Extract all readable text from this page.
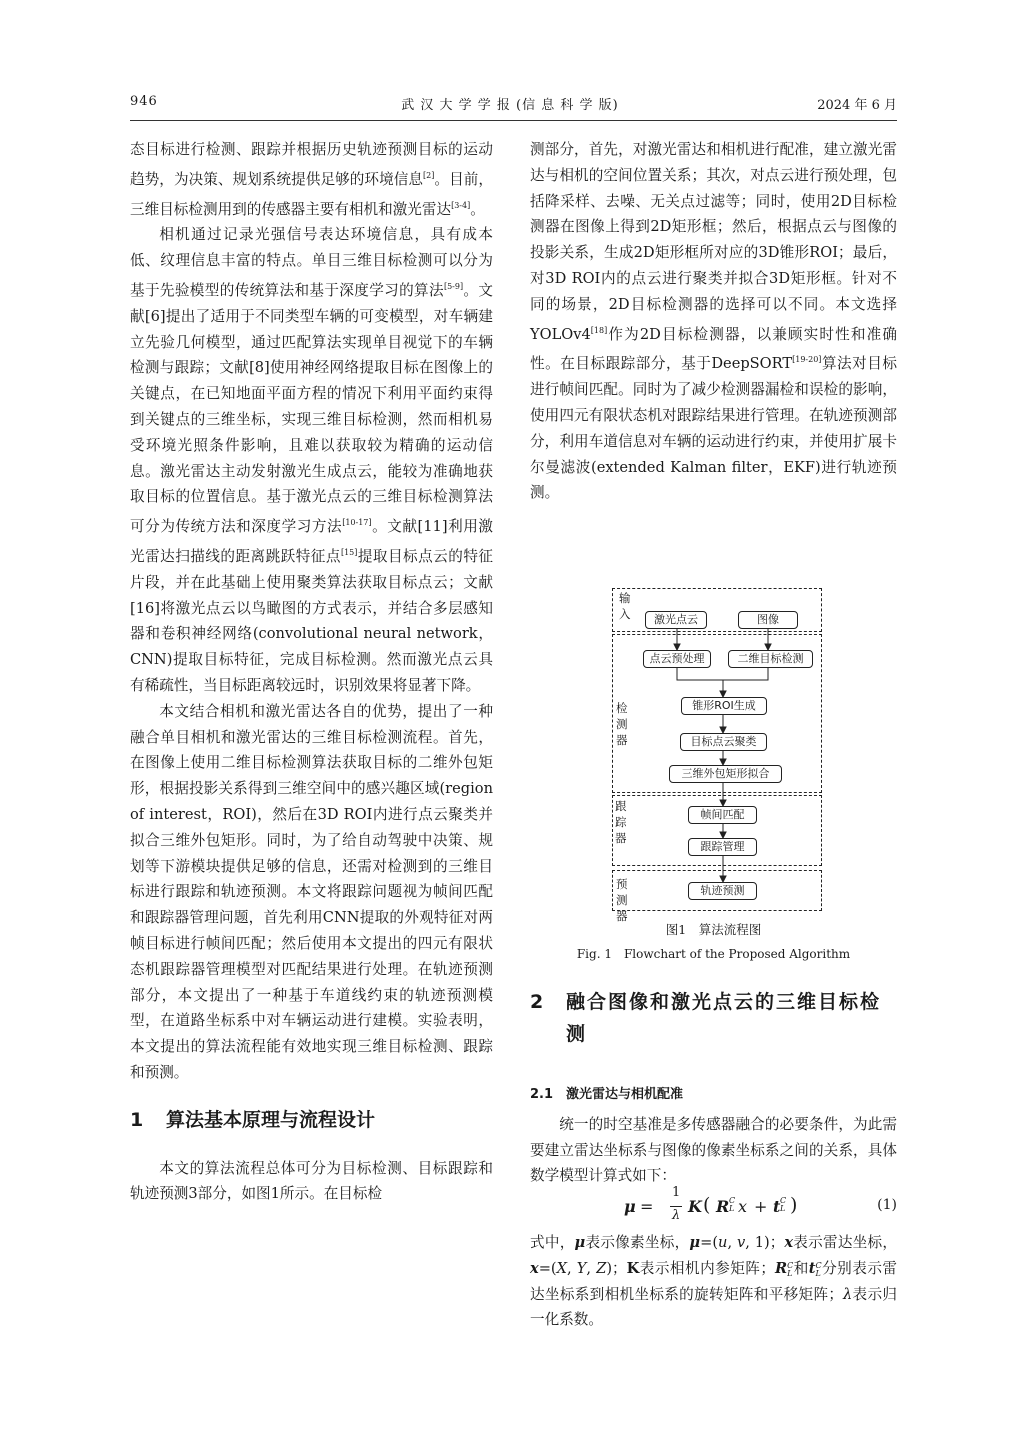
946	武 汉 大 学 学 报 (信 息 科 学 版)	2024 年 6 月

态目标进行检测、跟踪并根据历史轨迹预测目标的运动趋势，为决策、规划系统提供足够的环境信息[2]。目前，三维目标检测用到的传感器主要有相机和激光雷达[3-4]。

相机通过记录光强信号表达环境信息，具有成本低、纹理信息丰富的特点。单目三维目标检测可以分为基于先验模型的传统算法和基于深度学习的算法[5-9]。文献[6]提出了适用于不同类型车辆的可变模型，对车辆建立先验几何模型，通过匹配算法实现单目视觉下的车辆检测与跟踪；文献[8]使用神经网络提取目标在图像上的关键点，在已知地面平面方程的情况下利用平面约束得到关键点的三维坐标，实现三维目标检测，然而相机易受环境光照条件影响，且难以获取较为精确的运动信息。激光雷达主动发射激光生成点云，能较为准确地获取目标的位置信息。基于激光点云的三维目标检测算法可分为传统方法和深度学习方法[10-17]。文献[11]利用激光雷达扫描线的距离跳跃特征点[15]提取目标点云的特征片段，并在此基础上使用聚类算法获取目标点云；文献[16]将激光点云以鸟瞰图的方式表示，并结合多层感知器和卷积神经网络(convolutional neural network，CNN)提取目标特征，完成目标检测。然而激光点云具有稀疏性，当目标距离较远时，识别效果将显著下降。

本文结合相机和激光雷达各自的优势，提出了一种融合单目相机和激光雷达的三维目标检测流程。首先，在图像上使用二维目标检测算法获取目标的二维外包矩形，根据投影关系得到三维空间中的感兴趣区域(region of interest，ROI)，然后在3D ROI内进行点云聚类并拟合三维外包矩形。同时，为了给自动驾驶中决策、规划等下游模块提供足够的信息，还需对检测到的三维目标进行跟踪和轨迹预测。本文将跟踪问题视为帧间匹配和跟踪器管理问题，首先利用CNN提取的外观特征对两帧目标进行帧间匹配；然后使用本文提出的四元有限状态机跟踪器管理模型对匹配结果进行处理。在轨迹预测部分，本文提出了一种基于车道线约束的轨迹预测模型，在道路坐标系中对车辆运动进行建模。实验表明，本文提出的算法流程能有效地实现三维目标检测、跟踪和预测。

1 算法基本原理与流程设计

本文的算法流程总体可分为目标检测、目标跟踪和轨迹预测3部分，如图1所示。在目标检

测部分，首先，对激光雷达和相机进行配准，建立激光雷达与相机的空间位置关系；其次，对点云进行预处理，包括降采样、去噪、无关点过滤等；同时，使用2D目标检测器在图像上得到2D矩形框；然后，根据点云与图像的投影关系，生成2D矩形框所对应的3D锥形ROI；最后，对3D ROI内的点云进行聚类并拟合3D矩形框。针对不同的场景，2D目标检测器的选择可以不同。本文选择YOLOv4[18]作为2D目标检测器，以兼顾实时性和准确性。在目标跟踪部分，基于DeepSORT[19-20]算法对目标进行帧间匹配。同时为了减少检测器漏检和误检的影响，使用四元有限状态机对跟踪结果进行管理。在轨迹预测部分，利用车道信息对车辆的运动进行约束，并使用扩展卡尔曼滤波(extended Kalman filter，EKF)进行轨迹预测。

输入
检测器
跟踪器
预测器
激光点云	图像
点云预处理	二维目标检测
锥形ROI生成
目标点云聚类
三维外包矩形拟合
帧间匹配
跟踪管理
轨迹预测
图1　算法流程图
Fig. 1　Flowchart of the Proposed Algorithm
2	融合图像和激光点云的三维目标检测
2.1 激光雷达与相机配准

统一的时空基准是多传感器融合的必要条件，为此需要建立雷达坐标系与图像的像素坐标系之间的关系，具体数学模型计算式如下：

μ =
1
λ K ( R C
L x + t C
L )	(1)

式中，μ表示像素坐标，μ=(u, v, 1)；x表示雷达坐标，x=(X, Y, Z)；K表示相机内参矩阵；RC
L和tC
L分别表示雷达坐标系到相机坐标系的旋转矩阵和平移矩阵；λ表示归一化系数。
